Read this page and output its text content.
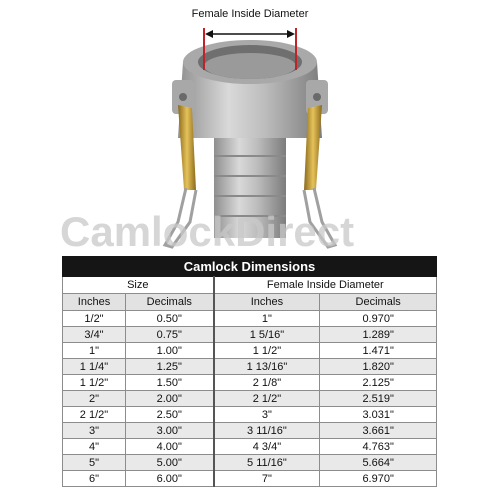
Female Inside Diameter
CamlockDirect
Camlock Dimensions			
Size		Female Inside Diameter	
Inches	Decimals	Inches	Decimals
1/2"	0.50"	1"	0.970"
3/4"	0.75"	1 5/16"	1.289"
1"	1.00"	1 1/2"	1.471"
1 1/4"	1.25"	1 13/16"	1.820"
1 1/2"	1.50"	2 1/8"	2.125"
2"	2.00"	2 1/2"	2.519"
2 1/2"	2.50"	3"	3.031"
3"	3.00"	3 11/16"	3.661"
4"	4.00"	4 3/4"	4.763"
5"	5.00"	5 11/16"	5.664"
6"	6.00"	7"	6.970"
